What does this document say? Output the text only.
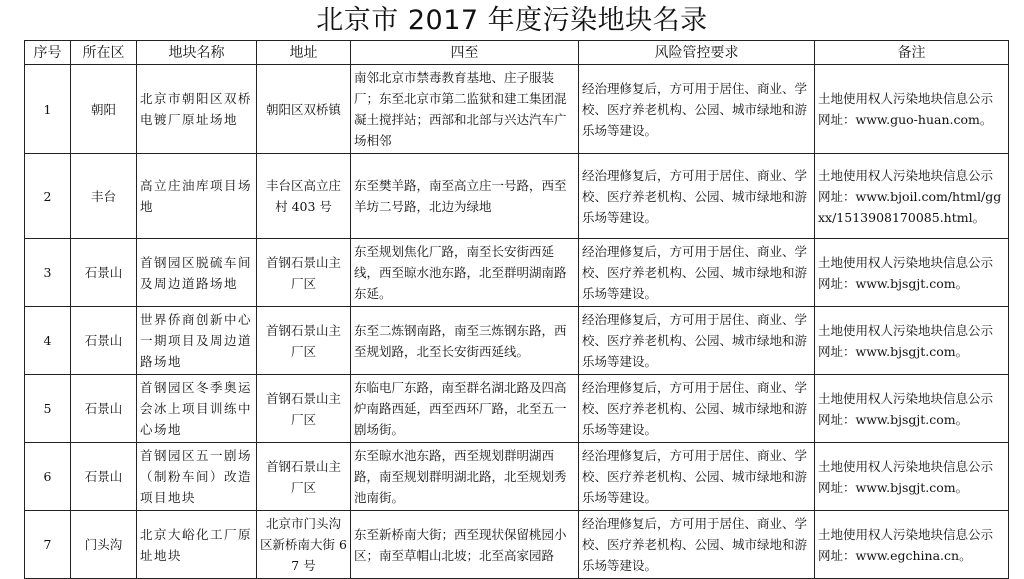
北京市 2017 年度污染地块名录
序号	所在区	地块名称	地址	四至	风险管控要求	备注
1	朝阳	北京市朝阳区双桥电镀厂原址场地	朝阳区双桥镇	南邻北京市禁毒教育基地、庄子服装厂；东至北京市第二监狱和建工集团混凝土搅拌站；西部和北部与兴达汽车广场相邻	经治理修复后，方可用于居住、商业、学校、医疗养老机构、公园、城市绿地和游乐场等建设。	土地使用权人污染地块信息公示网址：www.guo-huan.com。
2	丰台	高立庄油库项目场地	丰台区高立庄村 403 号	东至樊羊路，南至高立庄一号路，西至羊坊二号路，北边为绿地	经治理修复后，方可用于居住、商业、学校、医疗养老机构、公园、城市绿地和游乐场等建设。	土地使用权人污染地块信息公示网址：www.bjoil.com/html/ggxx/1513908170085.html。
3	石景山	首钢园区脱硫车间及周边道路场地	首钢石景山主厂区	东至规划焦化厂路，南至长安街西延线，西至晾水池东路，北至群明湖南路东延。	经治理修复后，方可用于居住、商业、学校、医疗养老机构、公园、城市绿地和游乐场等建设。	土地使用权人污染地块信息公示网址：www.bjsgjt.com。
4	石景山	世界侨商创新中心一期项目及周边道路场地	首钢石景山主厂区	东至二炼钢南路，南至三炼钢东路，西至规划路，北至长安街西延线。	经治理修复后，方可用于居住、商业、学校、医疗养老机构、公园、城市绿地和游乐场等建设。	土地使用权人污染地块信息公示网址：www.bjsgjt.com。
5	石景山	首钢园区冬季奥运会冰上项目训练中心场地	首钢石景山主厂区	东临电厂东路，南至群名湖北路及四高炉南路西延，西至西环厂路，北至五一剧场街。	经治理修复后，方可用于居住、商业、学校、医疗养老机构、公园、城市绿地和游乐场等建设。	土地使用权人污染地块信息公示网址：www.bjsgjt.com。
6	石景山	首钢园区五一剧场（制粉车间）改造项目地块	首钢石景山主厂区	东至晾水池东路，西至规划群明湖西路，南至规划群明湖北路，北至规划秀池南街。	经治理修复后，方可用于居住、商业、学校、医疗养老机构、公园、城市绿地和游乐场等建设。	土地使用权人污染地块信息公示网址：www.bjsgjt.com。
7	门头沟	北京大峪化工厂原址地块	北京市门头沟区新桥南大街 67 号	东至新桥南大街；西至现状保留桃园小区；南至草帽山北坡；北至高家园路	经治理修复后，方可用于居住、商业、学校、医疗养老机构、公园、城市绿地和游乐场等建设。	土地使用权人污染地块信息公示网址：www.egchina.cn。
